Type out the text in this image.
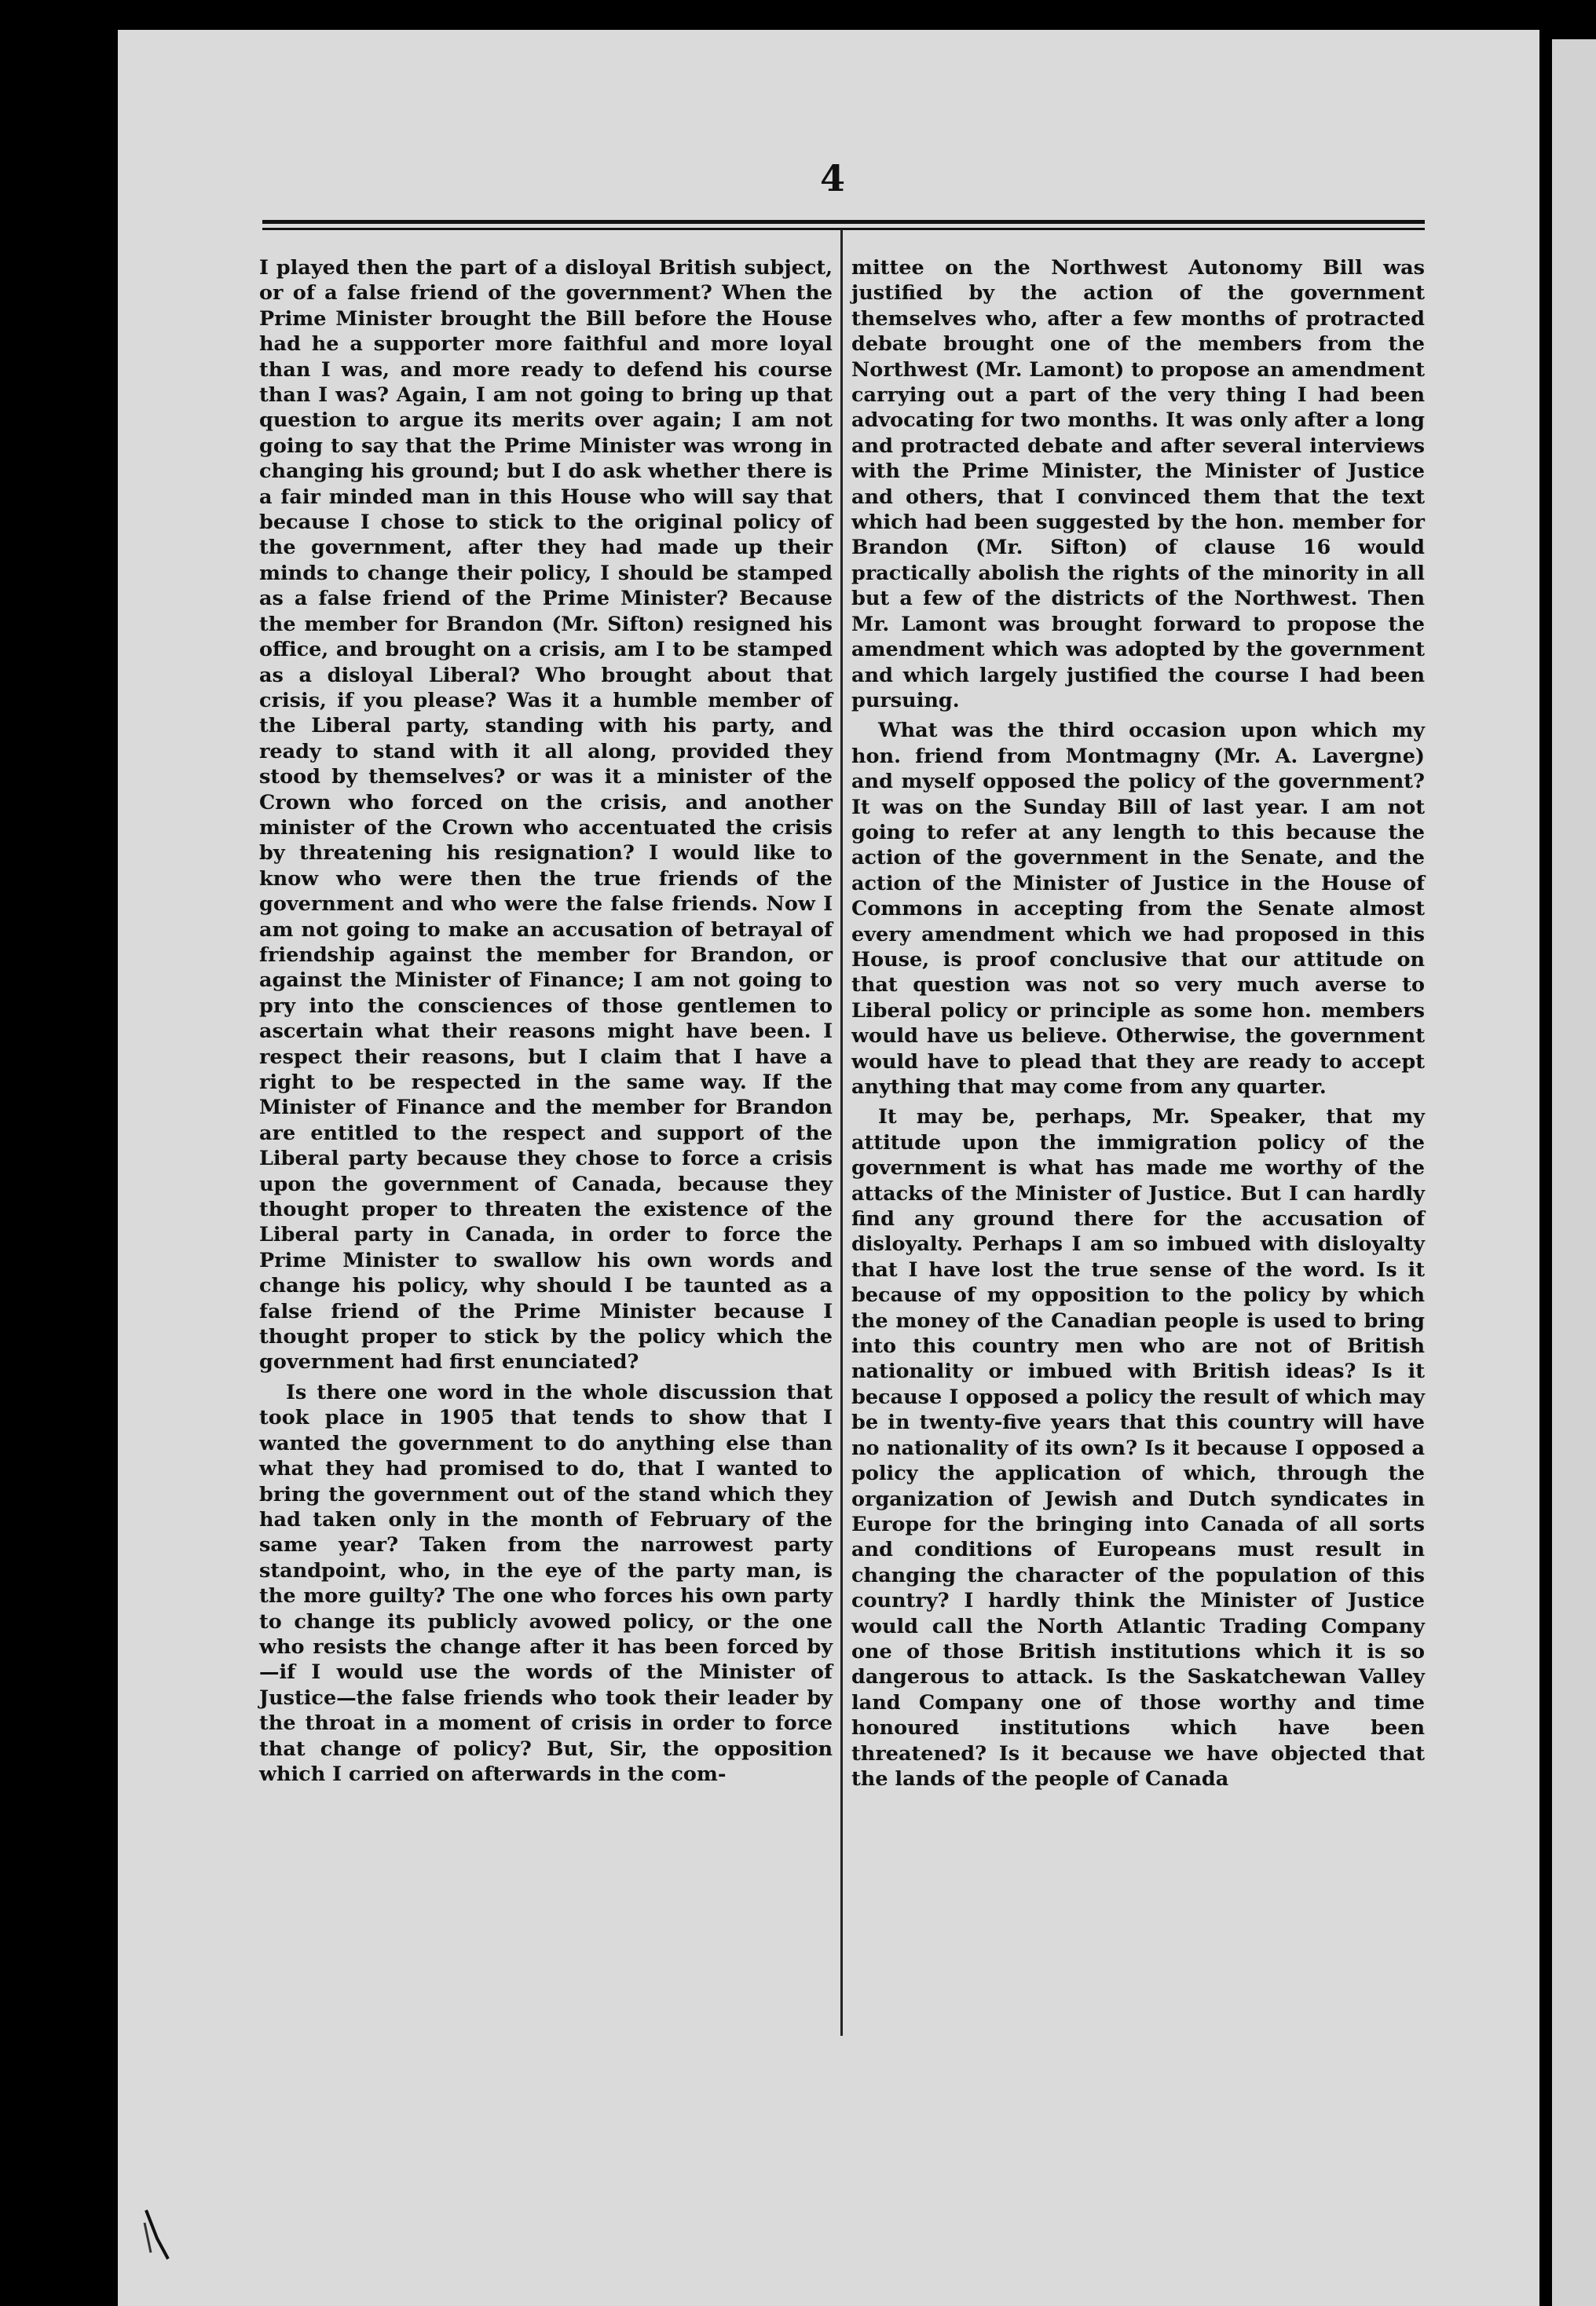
4

I played then the part of a disloyal British subject, or of a false friend of the government? When the Prime Minister brought the Bill before the House had he a supporter more faithful and more loyal than I was, and more ready to defend his course than I was? Again, I am not going to bring up that question to argue its merits over again; I am not going to say that the Prime Minister was wrong in changing his ground; but I do ask whether there is a fair minded man in this House who will say that because I chose to stick to the original policy of the government, after they had made up their minds to change their policy, I should be stamped as a false friend of the Prime Minister? Because the member for Brandon (Mr. Sifton) resigned his office, and brought on a crisis, am I to be stamped as a disloyal Liberal? Who brought about that crisis, if you please? Was it a humble member of the Liberal party, standing with his party, and ready to stand with it all along, provided they stood by themselves? or was it a minister of the Crown who forced on the crisis, and another minister of the Crown who accentuated the crisis by threatening his resignation? I would like to know who were then the true friends of the government and who were the false friends. Now I am not going to make an accusation of betrayal of friendship against the member for Brandon, or against the Minister of Finance; I am not going to pry into the consciences of those gentlemen to ascertain what their reasons might have been. I respect their reasons, but I claim that I have a right to be respected in the same way. If the Minister of Finance and the member for Brandon are entitled to the respect and support of the Liberal party because they chose to force a crisis upon the government of Canada, because they thought proper to threaten the existence of the Liberal party in Canada, in order to force the Prime Minister to swallow his own words and change his policy, why should I be taunted as a false friend of the Prime Minister because I thought proper to stick by the policy which the government had first enunciated?

Is there one word in the whole discussion that took place in 1905 that tends to show that I wanted the government to do anything else than what they had promised to do, that I wanted to bring the government out of the stand which they had taken only in the month of February of the same year? Taken from the narrowest party standpoint, who, in the eye of the party man, is the more guilty? The one who forces his own party to change its publicly avowed policy, or the one who resists the change after it has been forced by—if I would use the words of the Minister of Justice—the false friends who took their leader by the throat in a moment of crisis in order to force that change of policy? But, Sir, the opposition which I carried on afterwards in the com-

mittee on the Northwest Autonomy Bill was justified by the action of the government themselves who, after a few months of protracted debate brought one of the members from the Northwest (Mr. Lamont) to propose an amendment carrying out a part of the very thing I had been advocating for two months. It was only after a long and protracted debate and after several interviews with the Prime Minister, the Minister of Justice and others, that I convinced them that the text which had been suggested by the hon. member for Brandon (Mr. Sifton) of clause 16 would practically abolish the rights of the minority in all but a few of the districts of the Northwest. Then Mr. Lamont was brought forward to propose the amendment which was adopted by the government and which largely justified the course I had been pursuing.

What was the third occasion upon which my hon. friend from Montmagny (Mr. A. Lavergne) and myself opposed the policy of the government? It was on the Sunday Bill of last year. I am not going to refer at any length to this because the action of the government in the Senate, and the action of the Minister of Justice in the House of Commons in accepting from the Senate almost every amendment which we had proposed in this House, is proof conclusive that our attitude on that question was not so very much averse to Liberal policy or principle as some hon. members would have us believe. Otherwise, the government would have to plead that they are ready to accept anything that may come from any quarter.

It may be, perhaps, Mr. Speaker, that my attitude upon the immigration policy of the government is what has made me worthy of the attacks of the Minister of Justice. But I can hardly find any ground there for the accusation of disloyalty. Perhaps I am so imbued with disloyalty that I have lost the true sense of the word. Is it because of my opposition to the policy by which the money of the Canadian people is used to bring into this country men who are not of British nationality or imbued with British ideas? Is it because I opposed a policy the result of which may be in twenty-five years that this country will have no nationality of its own? Is it because I opposed a policy the application of which, through the organization of Jewish and Dutch syndicates in Europe for the bringing into Canada of all sorts and conditions of Europeans must result in changing the character of the population of this country? I hardly think the Minister of Justice would call the North Atlantic Trading Company one of those British institutions which it is so dangerous to attack. Is the Saskatchewan Valley land Company one of those worthy and time honoured institutions which have been threatened? Is it because we have objected that the lands of the people of Canada
